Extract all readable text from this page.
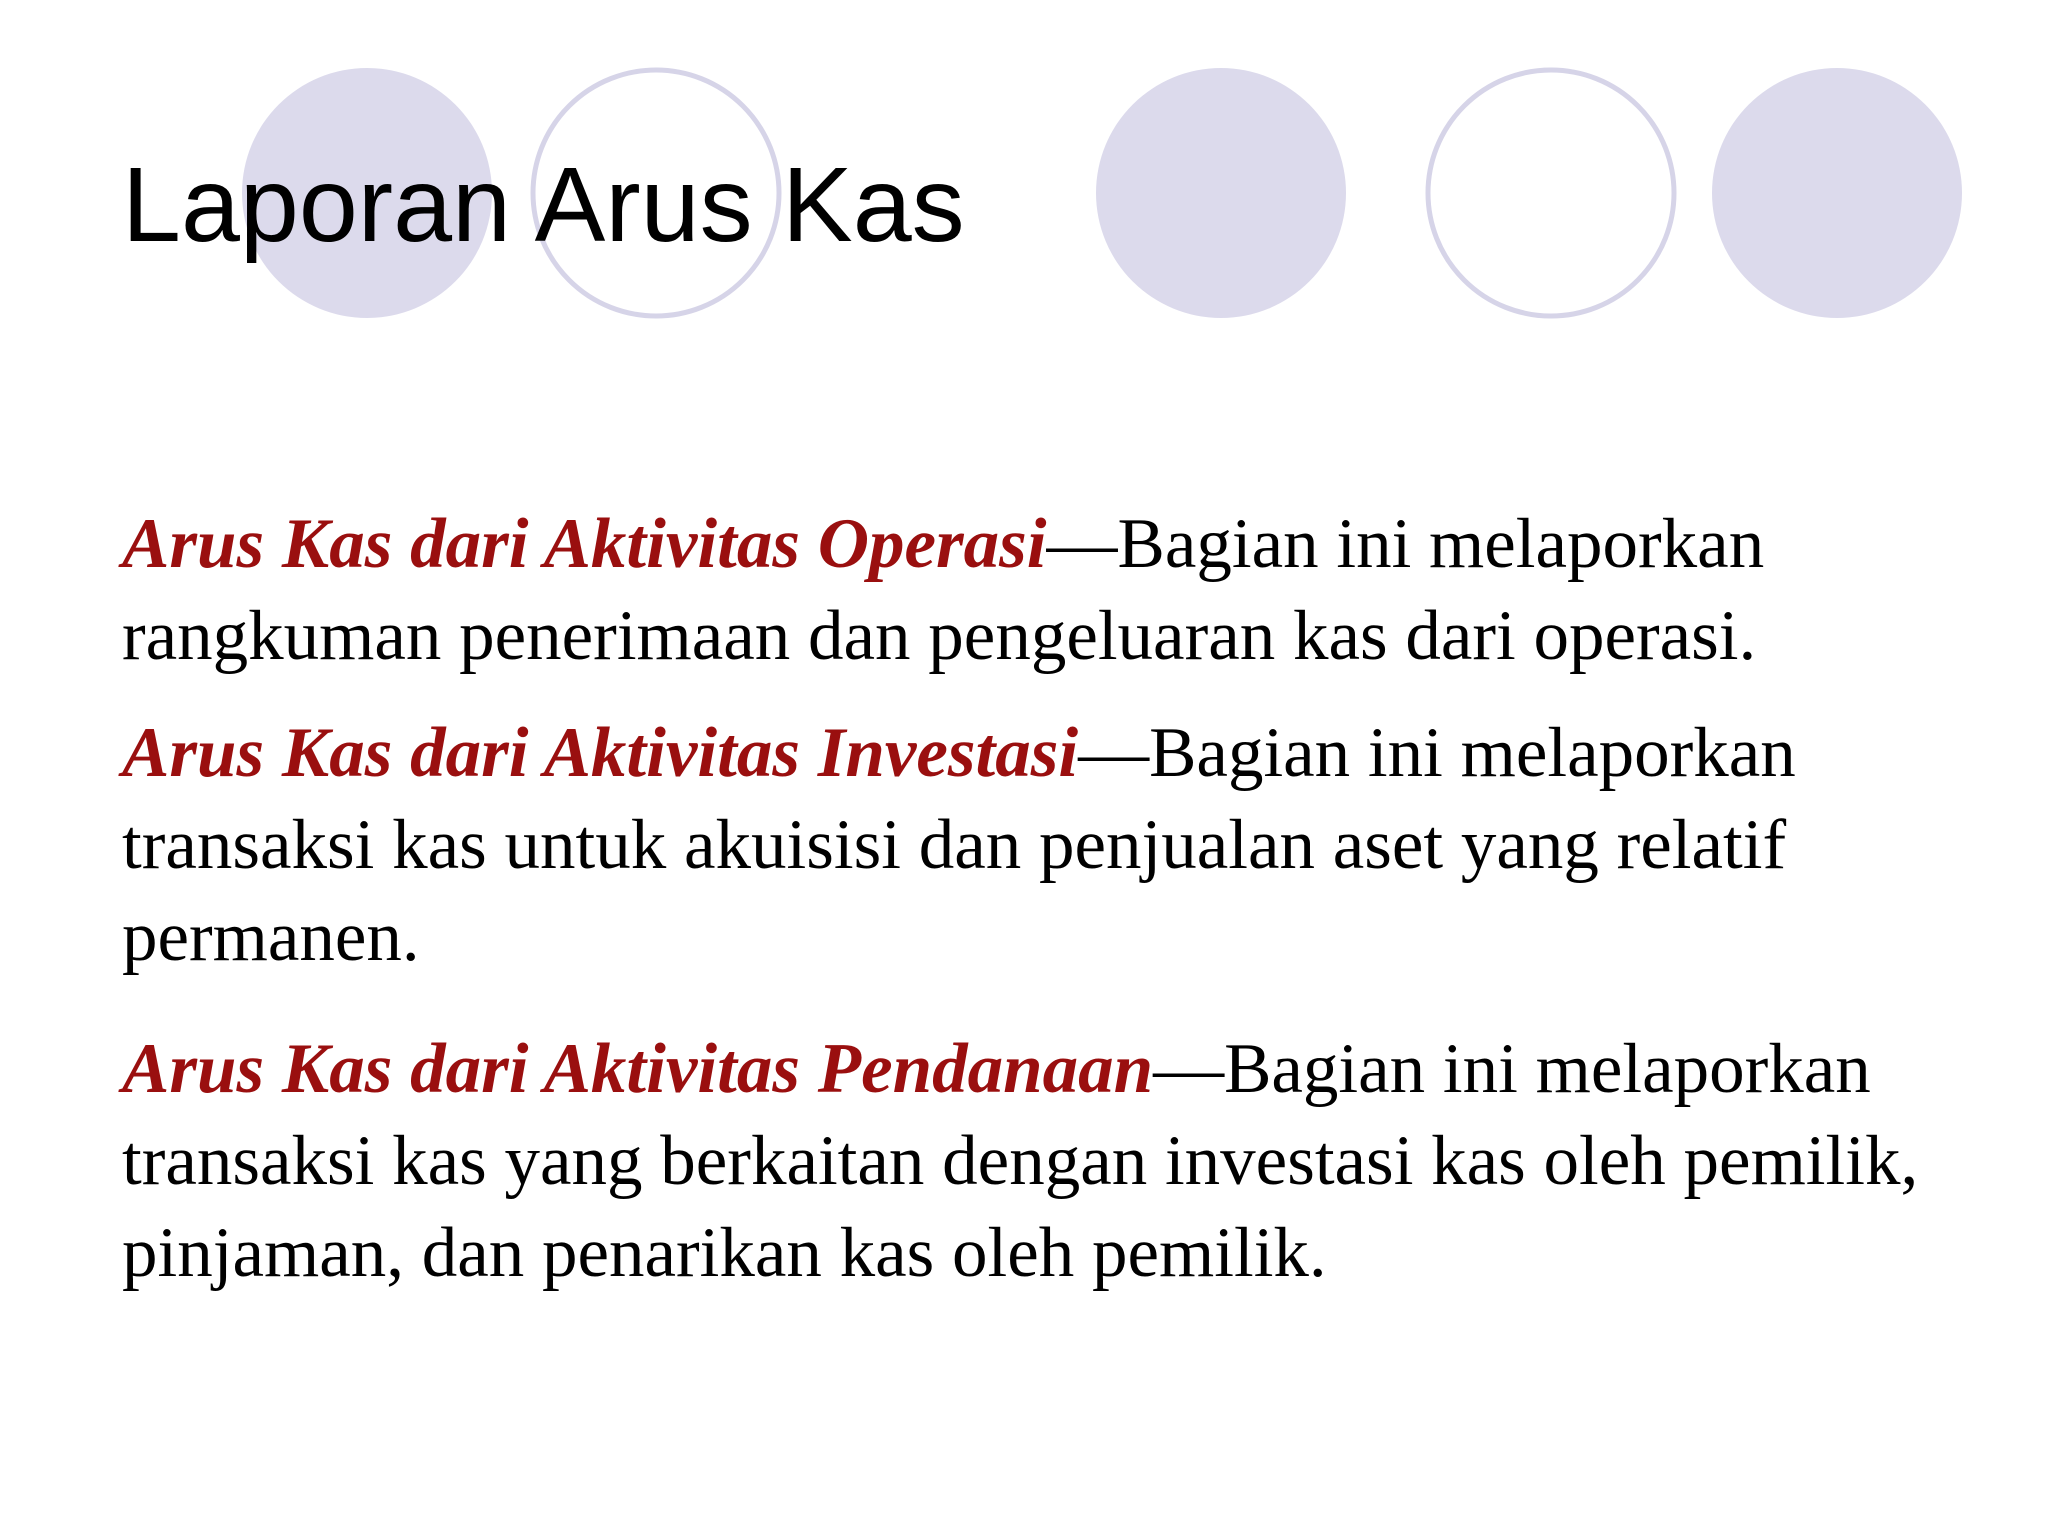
Laporan Arus Kas

Arus Kas dari Aktivitas Operasi—Bagian ini melaporkan rangkuman penerimaan dan pengeluaran kas dari operasi.

Arus Kas dari Aktivitas Investasi—Bagian ini melaporkan transaksi kas untuk akuisisi dan penjualan aset yang relatif permanen.

Arus Kas dari Aktivitas Pendanaan—Bagian ini melaporkan transaksi kas yang berkaitan dengan investasi kas oleh pemilik, pinjaman, dan penarikan kas oleh pemilik.
